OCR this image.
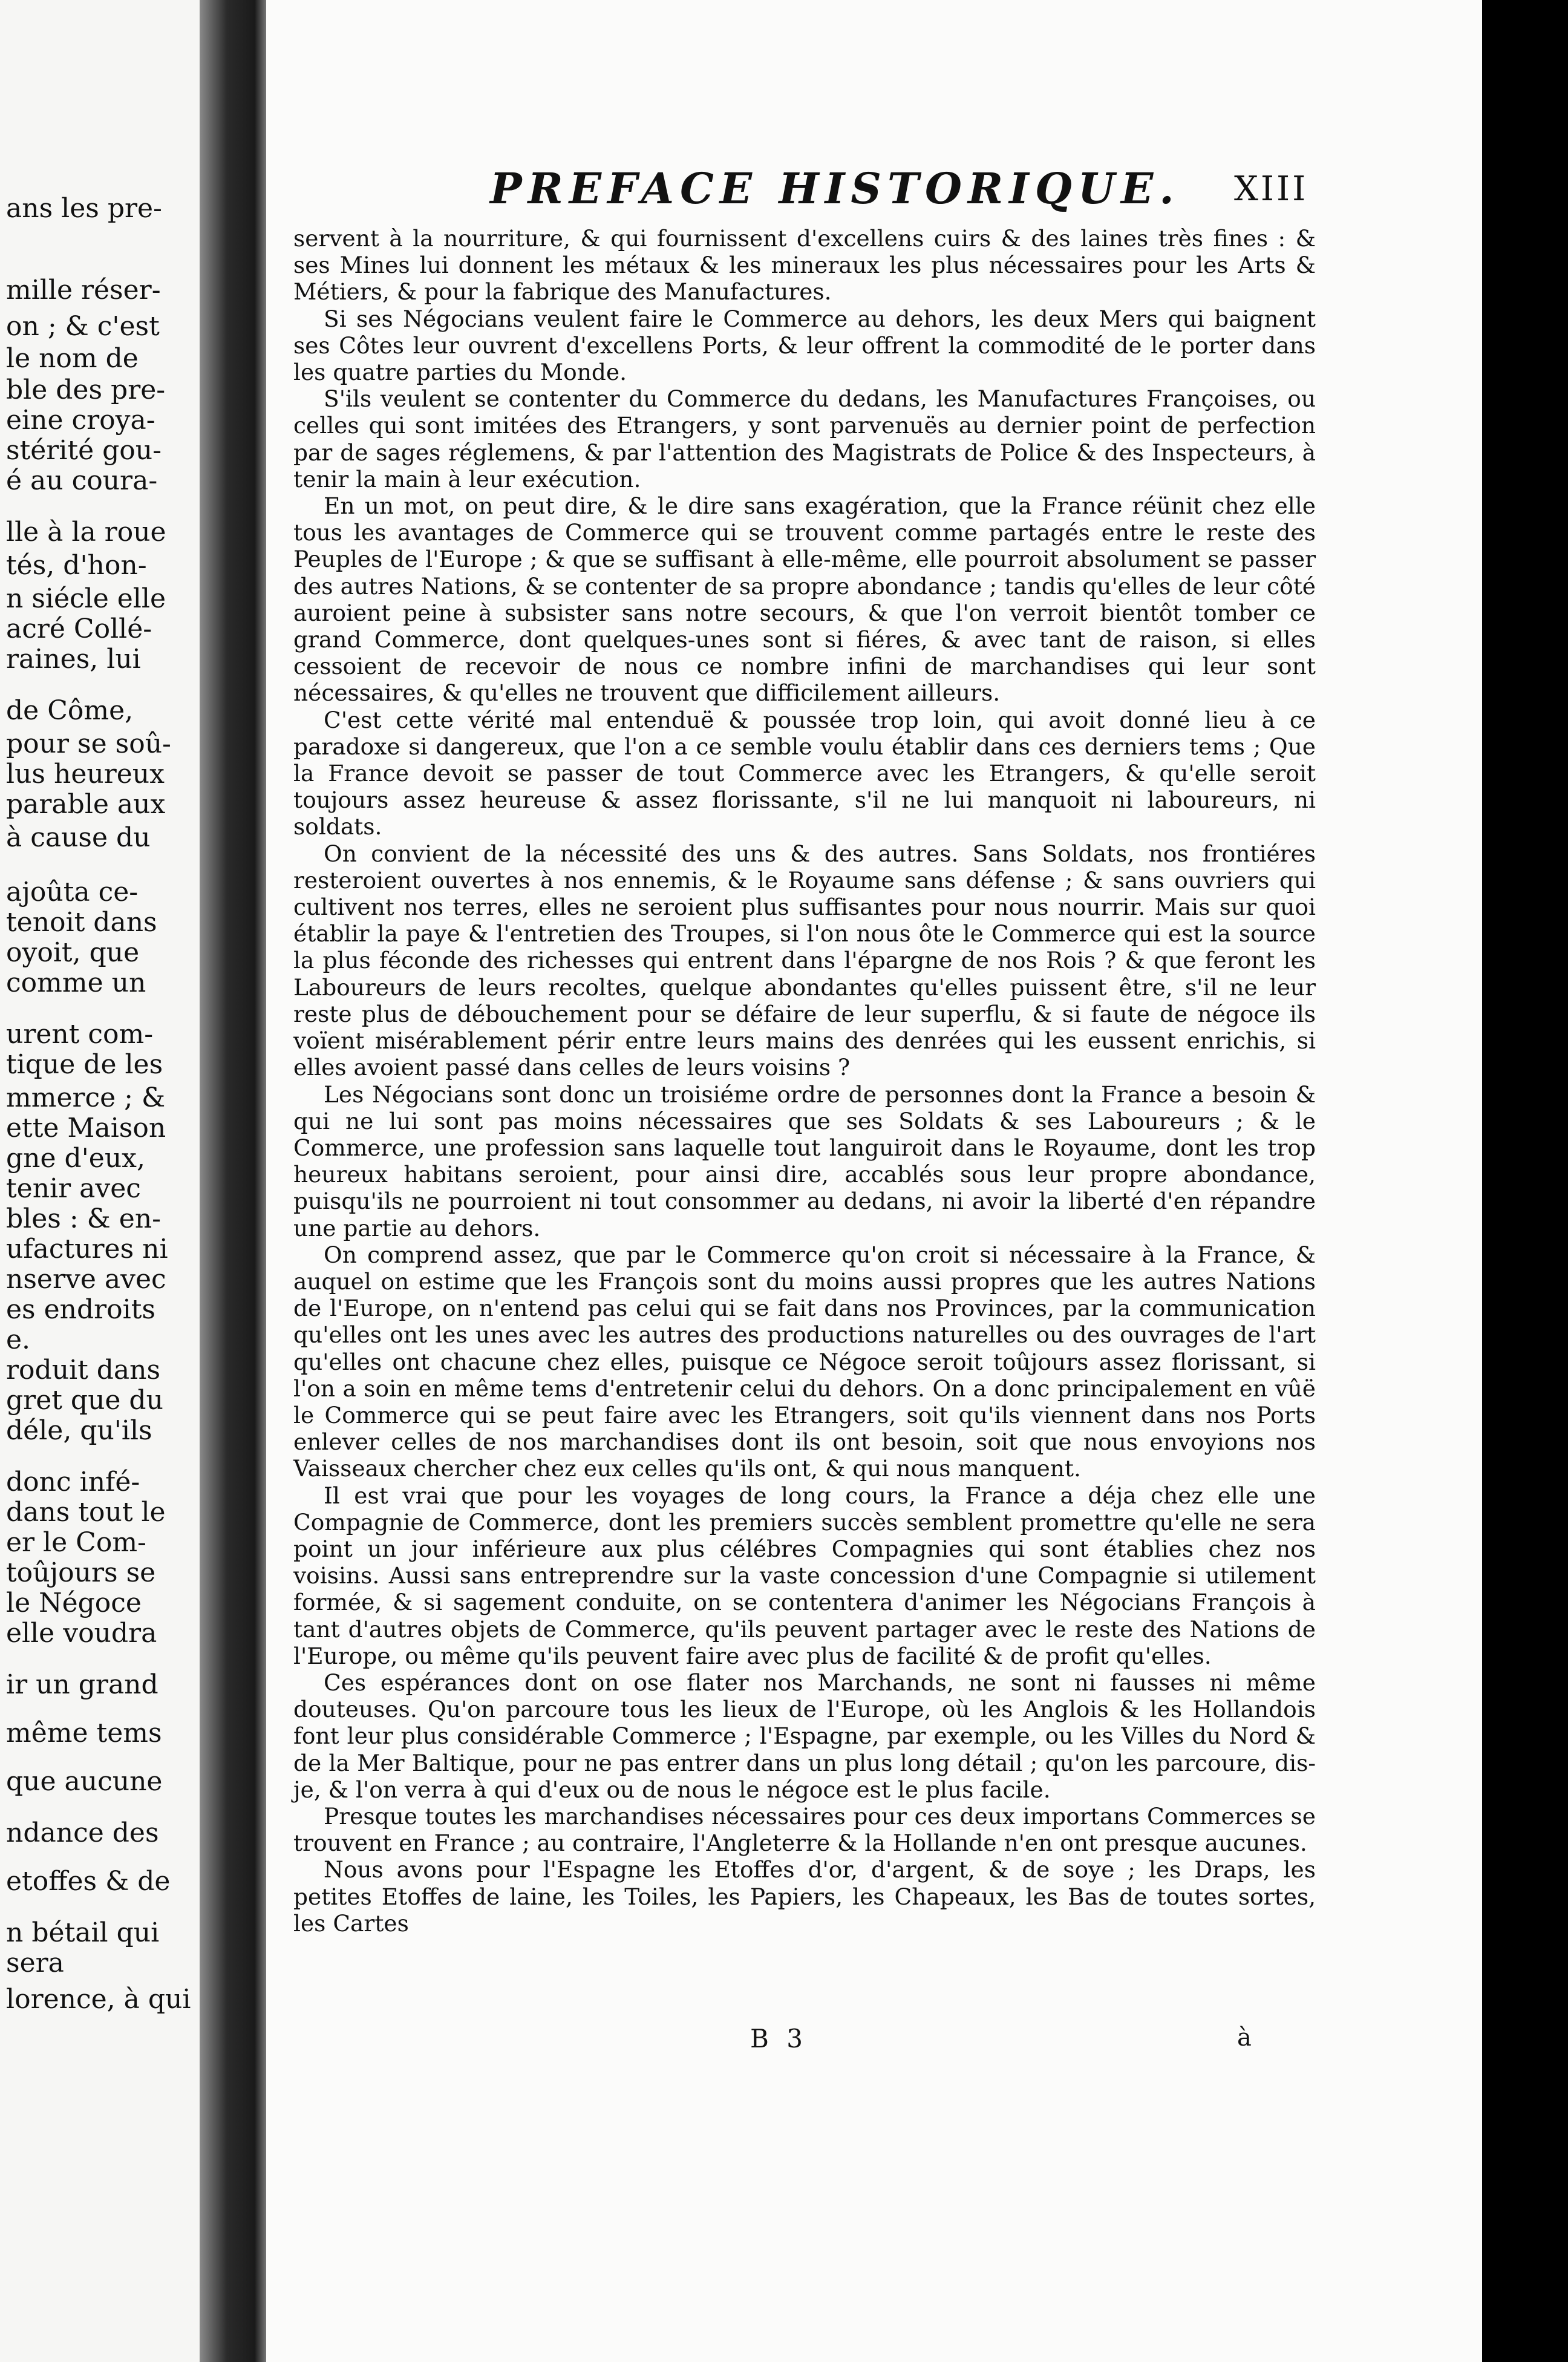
ans les pre-
mille réser-
on ; & c'est
le nom de
ble des pre-
eine croya-
stérité gou-
é au coura-
lle à la roue
tés, d'hon-
n siécle elle
acré Collé-
raines, lui
de Côme,
pour se soû-
lus heureux
parable aux
à cause du
ajoûta ce-
tenoit dans
oyoit, que
comme un
urent com-
tique de les
mmerce ; &
ette Maison
gne d'eux,
tenir avec
bles : & en-
ufactures ni
nserve avec
es endroits
e.
roduit dans
gret que du
déle, qu'ils
donc infé-
dans tout le
er le Com-
toûjours se
le Négoce
elle voudra
ir un grand
même tems
que aucune
ndance des
etoffes & de
n bétail qui
sera
lorence, à qui
PREFACE HISTORIQUE. XIII

servent à la nourriture, & qui fournissent d'excellens cuirs & des laines très fines : & ses Mines lui donnent les métaux & les mineraux les plus nécessaires pour les Arts & Métiers, & pour la fabrique des Manufactures.

Si ses Négocians veulent faire le Commerce au dehors, les deux Mers qui baignent ses Côtes leur ouvrent d'excellens Ports, & leur offrent la commodité de le porter dans les quatre parties du Monde.

S'ils veulent se contenter du Commerce du dedans, les Manufactures Françoises, ou celles qui sont imitées des Etrangers, y sont parvenuës au dernier point de perfection par de sages réglemens, & par l'attention des Magistrats de Police & des Inspecteurs, à tenir la main à leur exécution.

En un mot, on peut dire, & le dire sans exagération, que la France réünit chez elle tous les avantages de Commerce qui se trouvent comme partagés entre le reste des Peuples de l'Europe ; & que se suffisant à elle-même, elle pourroit absolument se passer des autres Nations, & se contenter de sa propre abondance ; tandis qu'elles de leur côté auroient peine à subsister sans notre secours, & que l'on verroit bientôt tomber ce grand Commerce, dont quelques-unes sont si fiéres, & avec tant de raison, si elles cessoient de recevoir de nous ce nombre infini de marchandises qui leur sont nécessaires, & qu'elles ne trouvent que difficilement ailleurs.

C'est cette vérité mal entenduë & poussée trop loin, qui avoit donné lieu à ce paradoxe si dangereux, que l'on a ce semble voulu établir dans ces derniers tems ; Que la France devoit se passer de tout Commerce avec les Etrangers, & qu'elle seroit toujours assez heureuse & assez florissante, s'il ne lui manquoit ni laboureurs, ni soldats.

On convient de la nécessité des uns & des autres. Sans Soldats, nos frontiéres resteroient ouvertes à nos ennemis, & le Royaume sans défense ; & sans ouvriers qui cultivent nos terres, elles ne seroient plus suffisantes pour nous nourrir. Mais sur quoi établir la paye & l'entretien des Troupes, si l'on nous ôte le Commerce qui est la source la plus féconde des richesses qui entrent dans l'épargne de nos Rois ? & que feront les Laboureurs de leurs recoltes, quelque abondantes qu'elles puissent être, s'il ne leur reste plus de débouchement pour se défaire de leur superflu, & si faute de négoce ils voïent misérablement périr entre leurs mains des denrées qui les eussent enrichis, si elles avoient passé dans celles de leurs voisins ?

Les Négocians sont donc un troisiéme ordre de personnes dont la France a besoin & qui ne lui sont pas moins nécessaires que ses Soldats & ses Laboureurs ; & le Commerce, une profession sans laquelle tout languiroit dans le Royaume, dont les trop heureux habitans seroient, pour ainsi dire, accablés sous leur propre abondance, puisqu'ils ne pourroient ni tout consommer au dedans, ni avoir la liberté d'en répandre une partie au dehors.

On comprend assez, que par le Commerce qu'on croit si nécessaire à la France, & auquel on estime que les François sont du moins aussi propres que les autres Nations de l'Europe, on n'entend pas celui qui se fait dans nos Provinces, par la communication qu'elles ont les unes avec les autres des productions naturelles ou des ouvrages de l'art qu'elles ont chacune chez elles, puisque ce Négoce seroit toûjours assez florissant, si l'on a soin en même tems d'entretenir celui du dehors. On a donc principalement en vûë le Commerce qui se peut faire avec les Etrangers, soit qu'ils viennent dans nos Ports enlever celles de nos marchandises dont ils ont besoin, soit que nous envoyions nos Vaisseaux chercher chez eux celles qu'ils ont, & qui nous manquent.

Il est vrai que pour les voyages de long cours, la France a déja chez elle une Compagnie de Commerce, dont les premiers succès semblent promettre qu'elle ne sera point un jour inférieure aux plus célébres Compagnies qui sont établies chez nos voisins. Aussi sans entreprendre sur la vaste concession d'une Compagnie si utilement formée, & si sagement conduite, on se contentera d'animer les Négocians François à tant d'autres objets de Commerce, qu'ils peuvent partager avec le reste des Nations de l'Europe, ou même qu'ils peuvent faire avec plus de facilité & de profit qu'elles.

Ces espérances dont on ose flater nos Marchands, ne sont ni fausses ni même douteuses. Qu'on parcoure tous les lieux de l'Europe, où les Anglois & les Hollandois font leur plus considérable Commerce ; l'Espagne, par exemple, ou les Villes du Nord & de la Mer Baltique, pour ne pas entrer dans un plus long détail ; qu'on les parcoure, dis-je, & l'on verra à qui d'eux ou de nous le négoce est le plus facile.

Presque toutes les marchandises nécessaires pour ces deux importans Commerces se trouvent en France ; au contraire, l'Angleterre & la Hollande n'en ont presque aucunes.

Nous avons pour l'Espagne les Etoffes d'or, d'argent, & de soye ; les Draps, les petites Etoffes de laine, les Toiles, les Papiers, les Chapeaux, les Bas de toutes sortes, les Cartes

B 3	à
